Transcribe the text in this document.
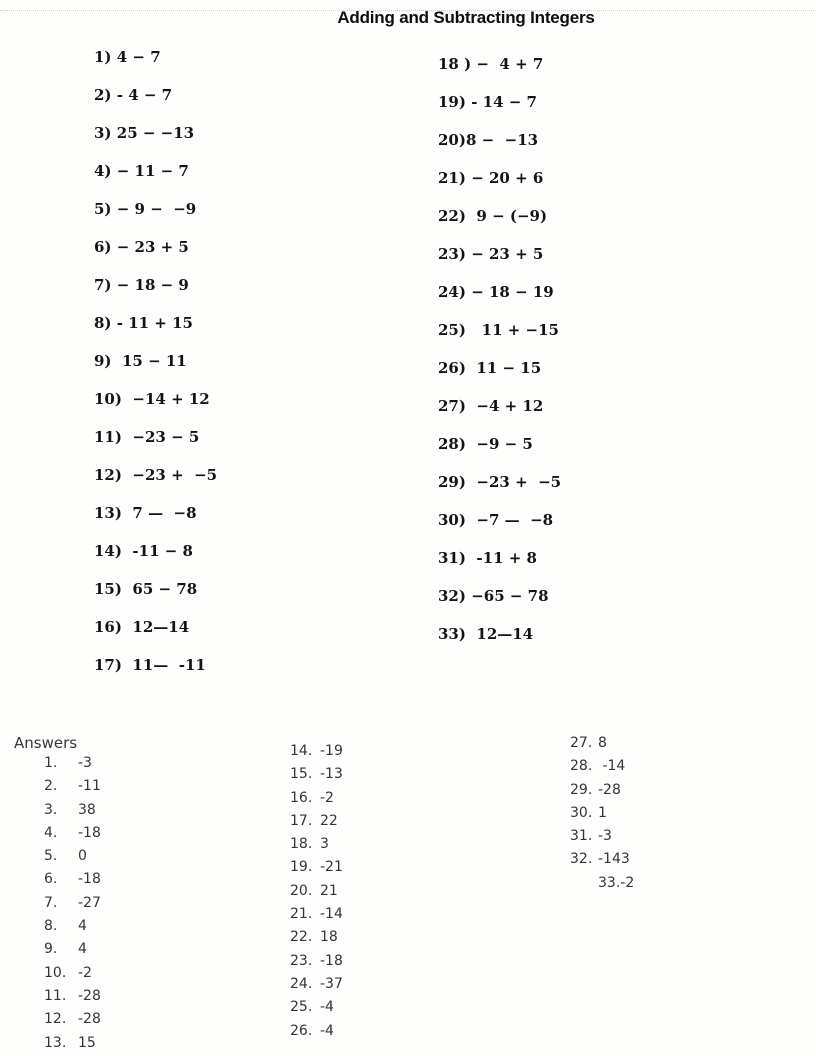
Adding and Subtracting Integers
1) 4 − 7
2) - 4 − 7
3) 25 − −13
4) − 11 − 7
5) − 9 −  −9
6) − 23 + 5
7) − 18 − 9
8) - 11 + 15
9)  15 − 11
10)  −14 + 12
11)  −23 − 5
12)  −23 +  −5
13)  7 —  −8
14)  -11 − 8
15)  65 − 78
16)  12—14
17)  11—  -11
18 ) −  4 + 7
19) - 14 − 7
20)8 −  −13
21) − 20 + 6
22)  9 − (−9)
23) − 23 + 5
24) − 18 − 19
25)   11 + −15
26)  11 − 15
27)  −4 + 12
28)  −9 − 5
29)  −23 +  −5
30)  −7 —  −8
31)  -11 + 8
32) −65 − 78
33)  12—14
Answers
1.	-3
2.	-11
3.	38
4.	-18
5.	0
6.	-18
7.	-27
8.	4
9.	4
10. -2
11. -28
12. -28
13. 15
14. -19
15. -13
16. -2
17. 22
18. 3
19. -21
20. 21
21. -14
22. 18
23. -18
24. -37
25. -4
26. -4
27. 8
28. -14
29. -28
30. 1
31. -3
32. -143
33.-2
